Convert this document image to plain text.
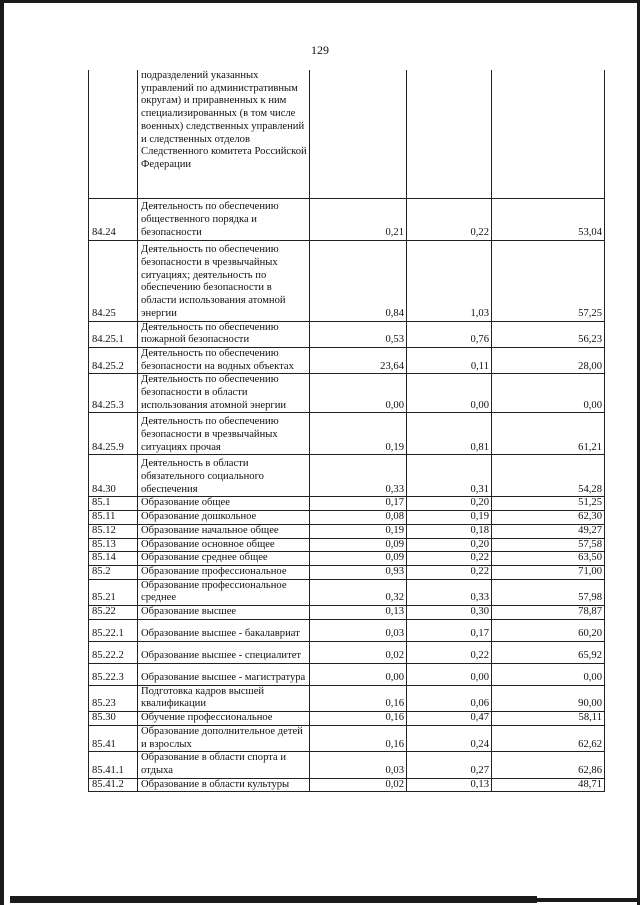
129
	подразделений указанных управлений по административным округам) и приравненных к ним специализированных (в том числе военных) следственных управлений и следственных отделов Следственного комитета Российской Федерации			
84.24	Деятельность по обеспечению общественного порядка и безопасности	0,21	0,22	53,04
84.25	Деятельность по обеспечению безопасности в чрезвычайных ситуациях; деятельность по обеспечению безопасности в области использования атомной энергии	0,84	1,03	57,25
84.25.1	Деятельность по обеспечению пожарной безопасности	0,53	0,76	56,23
84.25.2	Деятельность по обеспечению безопасности на водных объектах	23,64	0,11	28,00
84.25.3	Деятельность по обеспечению безопасности в области использования атомной энергии	0,00	0,00	0,00
84.25.9	Деятельность по обеспечению безопасности в чрезвычайных ситуациях прочая	0,19	0,81	61,21
84.30	Деятельность в области обязательного социального обеспечения	0,33	0,31	54,28
85.1	Образование общее	0,17	0,20	51,25
85.11	Образование дошкольное	0,08	0,19	62,30
85.12	Образование начальное общее	0,19	0,18	49,27
85.13	Образование основное общее	0,09	0,20	57,58
85.14	Образование среднее общее	0,09	0,22	63,50
85.2	Образование профессиональное	0,93	0,22	71,00
85.21	Образование профессиональное среднее	0,32	0,33	57,98
85.22	Образование высшее	0,13	0,30	78,87
85.22.1	Образование высшее - бакалавриат	0,03	0,17	60,20
85.22.2	Образование высшее - специалитет	0,02	0,22	65,92
85.22.3	Образование высшее - магистратура	0,00	0,00	0,00
85.23	Подготовка кадров высшей квалификации	0,16	0,06	90,00
85.30	Обучение профессиональное	0,16	0,47	58,11
85.41	Образование дополнительное детей и взрослых	0,16	0,24	62,62
85.41.1	Образование в области спорта и отдыха	0,03	0,27	62,86
85.41.2	Образование в области культуры	0,02	0,13	48,71
